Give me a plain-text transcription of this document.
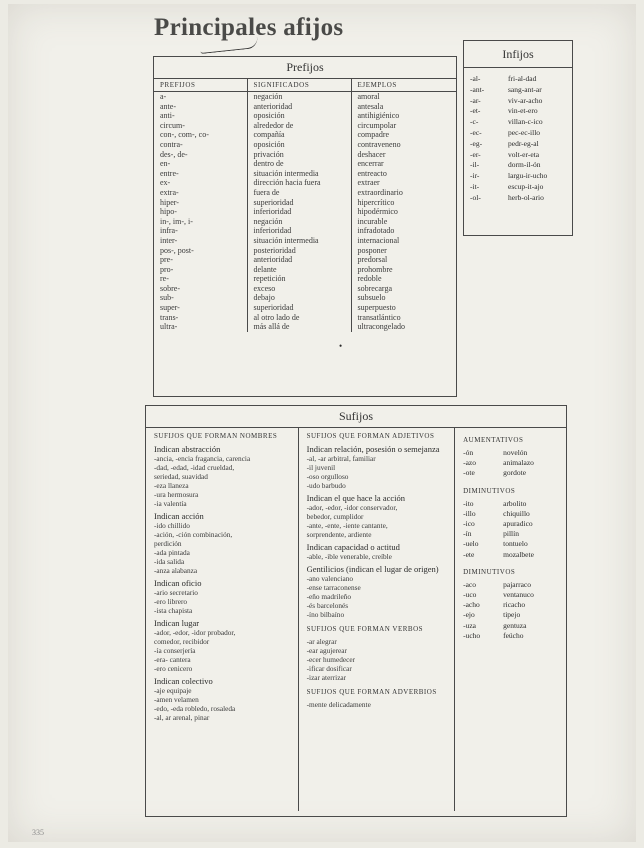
Principales afijos
Prefijos
PREFIJOS	SIGNIFICADOS	EJEMPLOS
a-	negación	amoral
ante-	anterioridad	antesala
anti-	oposición	antihigiénico
circum-	alrededor de	circumpolar
con-, com-, co-	compañía	compadre
contra-	oposición	contraveneno
des-, de-	privación	deshacer
en-	dentro de	encerrar
entre-	situación intermedia	entreacto
ex-	dirección hacia fuera	extraer
extra-	fuera de	extraordinario
hiper-	superioridad	hipercrítico
hipo-	inferioridad	hipodérmico
in-, im-, i-	negación	incurable
infra-	inferioridad	infradotado
inter-	situación intermedia	internacional
pos-, post-	posterioridad	posponer
pre-	anterioridad	predorsal
pro-	delante	prohombre
re-	repetición	redoble
sobre-	exceso	sobrecarga
sub-	debajo	subsuelo
super-	superioridad	superpuesto
trans-	al otro lado de	transatlántico
ultra-	más allá de	ultracongelado
•
Infijos
-al-	fri-al-dad
-ant-	sang-ant-ar
-ar-	viv-ar-acho
-et-	vin-et-ero
-c-	villan-c-ico
-ec-	pec-ec-illo
-eg-	pedr-eg-al
-er-	volt-er-eta
-il-	dorm-il-ón
-ir-	largu-ir-ucho
-it-	escup-it-ajo
-ol-	herb-ol-ario
Sufijos
SUFIJOS QUE FORMAN NOMBRES
Indican abstracción
-ancia, -encia fragancia, carencia
-dad, -edad, -idad crueldad,
seriedad, suavidad
-eza llaneza
-ura hermosura
-ia valentía
Indican acción
-ido chillido
-ación, -ción combinación,
perdición
-ada pintada
-ida salida
-anza alabanza
Indican oficio
-ario secretario
-ero librero
-ista chapista
Indican lugar
-ador, -edor, -idor probador,
comedor, recibidor
-ía conserjería
-era- cantera
-ero cenicero
Indican colectivo
-aje equipaje
-amen velamen
-edo, -eda robledo, rosaleda
-al, ar arenal, pinar
SUFIJOS QUE FORMAN ADJETIVOS
Indican relación, posesión o semejanza
-al, -ar arbitral, familiar
-il juvenil
-oso orgulloso
-udo barbudo
Indican el que hace la acción
-ador, -edor, -idor conservador,
bebedor, cumplidor
-ante, -ente, -iente cantante,
sorprendente, ardiente
Indican capacidad o actitud
-able, -ible venerable, creíble
Gentilicios (indican el lugar de origen)
-ano valenciano
-ense tarraconense
-eño madrileño
-és barcelonés
-íno bilbaíno
SUFIJOS QUE FORMAN VERBOS
-ar alegrar
-ear agujerear
-ecer humedecer
-ificar dosificar
-izar aterrizar
SUFIJOS QUE FORMAN ADVERBIOS
-mente delicadamente
AUMENTATIVOS
-ón	novelón
-azo	animalazo
-ote	gordote
DIMINUTIVOS
-ito	arbolito
-illo	chiquillo
-ico	apuradico
-ín	pillín
-uelo	tontuelo
-ete	mozalbete
DIMINUTIVOS
-aco	pajarraco
-uco	ventanuco
-acho	ricacho
-ejo	tipejo
-uza	gentuza
-ucho	feúcho
335
